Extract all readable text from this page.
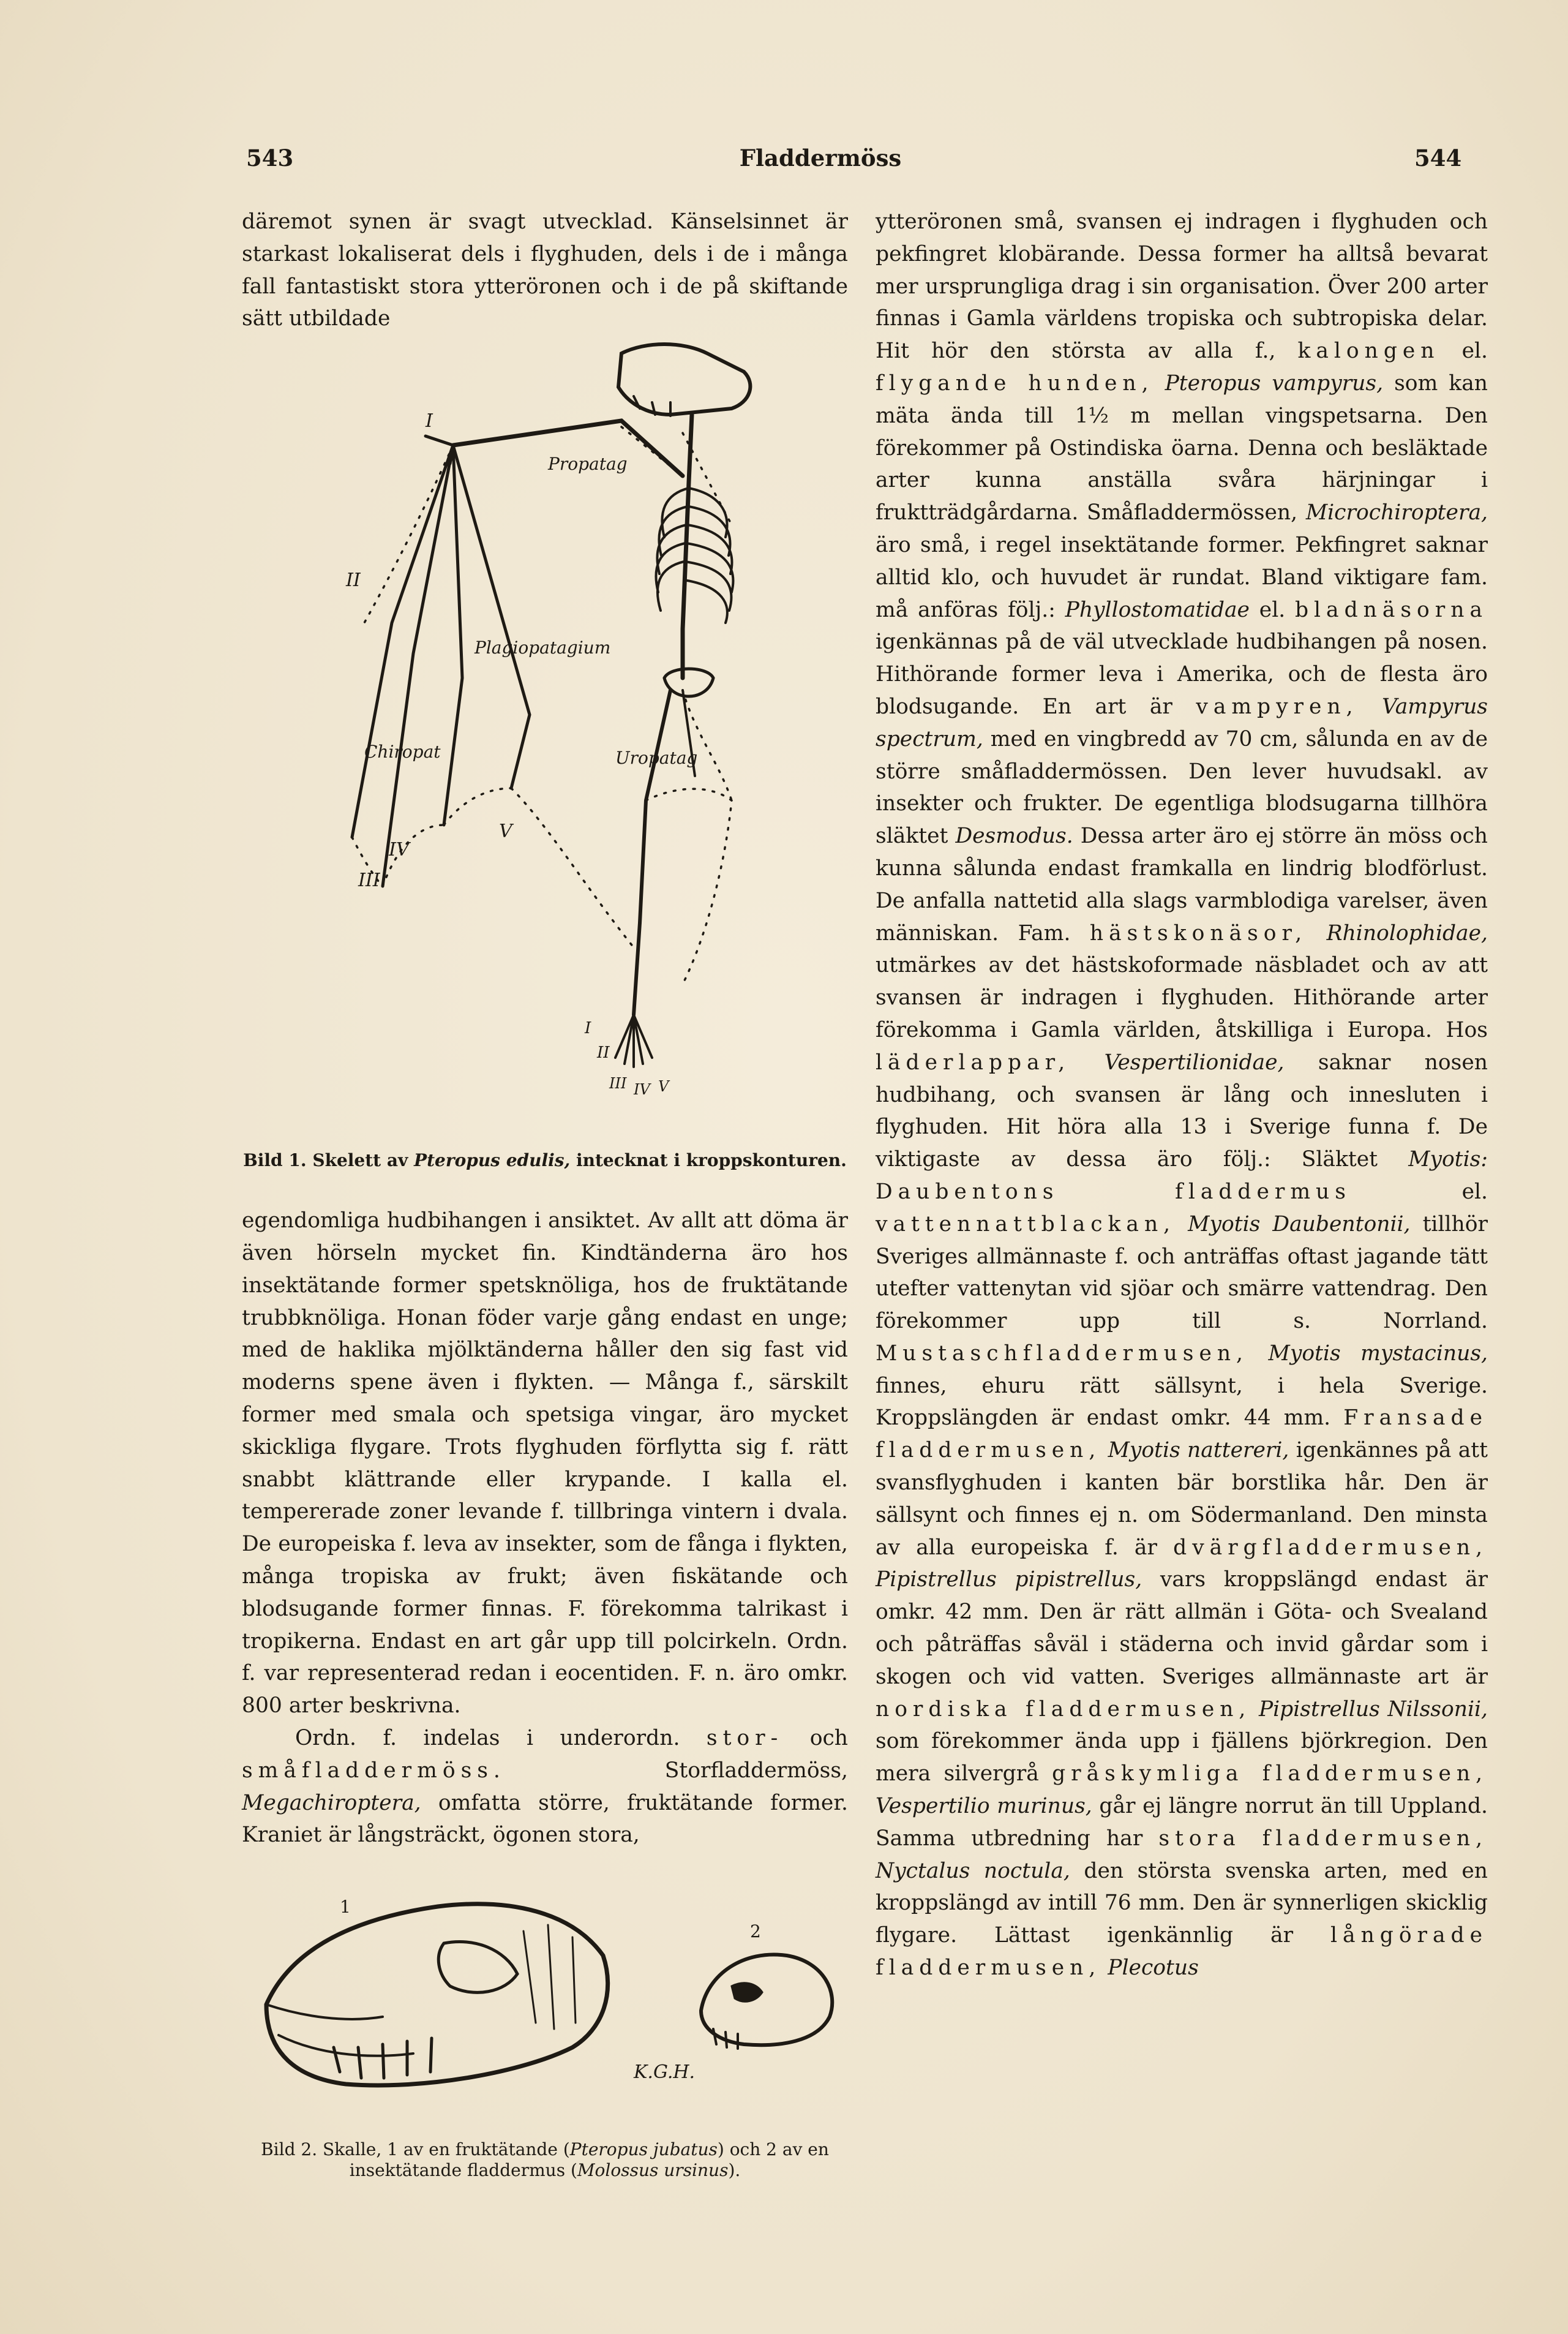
543	Fladdermöss	544

däremot synen är svagt utvecklad. Känselsinnet är starkast lokaliserat dels i flyghuden, dels i de i många fall fantastiskt stora ytteröronen och i de på skiftande sätt utbildade

Propatag
Plagiopatagium
Chiropat	Uropatag
I
II
III
IV
V
I
II
III IV V
Bild 1. Skelett av Pteropus edulis, intecknat i kroppskonturen.

egendomliga hudbihangen i ansiktet. Av allt att döma är även hörseln mycket fin. Kindtänderna äro hos insektätande former spetsknöliga, hos de fruktätande trubbknöliga. Honan föder varje gång endast en unge; med de haklika mjölktänderna håller den sig fast vid moderns spene även i flykten. — Många f., särskilt former med smala och spetsiga vingar, äro mycket skickliga flygare. Trots flyghuden förflytta sig f. rätt snabbt klättrande eller krypande. I kalla el. tempererade zoner levande f. tillbringa vintern i dvala. De europeiska f. leva av insekter, som de fånga i flykten, många tropiska av frukt; även fiskätande och blodsugande former finnas. F. förekomma talrikast i tropikerna. Endast en art går upp till polcirkeln. Ordn. f. var representerad redan i eocentiden. F. n. äro omkr. 800 arter beskrivna.

Ordn. f. indelas i underordn. stor- och småfladdermöss.	Storfladdermöss, Megachiroptera, omfatta större, fruktätande former. Kraniet är långsträckt, ögonen stora,

1
2
K.G.H.
Bild 2. Skalle, 1 av en fruktätande (Pteropus jubatus) och 2 av en insektätande fladdermus (Molossus ursinus).

ytteröronen små, svansen ej indragen i flyghuden och pekfingret klobärande. Dessa former ha alltså bevarat mer ursprungliga drag i sin organisation. Över 200 arter finnas i Gamla världens tropiska och subtropiska delar. Hit hör den största av alla f., kalongen el. flygande hunden, Pteropus vampyrus, som kan mäta ända till 1½ m mellan vingspetsarna. Den förekommer på Ostindiska öarna. Denna och besläktade arter kunna anställa svåra härjningar i fruktträdgårdarna. Småfladdermössen, Microchiroptera, äro små, i regel insektätande former. Pekfingret saknar alltid klo, och huvudet är rundat. Bland viktigare fam. må anföras följ.: Phyllostomatidae el. bladnäsorna igenkännas på de väl utvecklade hudbihangen på nosen. Hithörande former leva i Amerika, och de flesta äro blodsugande. En art är vampyren, Vampyrus spectrum, med en vingbredd av 70 cm, sålunda en av de större småfladdermössen. Den lever huvudsakl. av insekter och frukter. De egentliga blodsugarna tillhöra släktet Desmodus. Dessa arter äro ej större än möss och kunna sålunda endast framkalla en lindrig blodförlust. De anfalla nattetid alla slags varmblodiga varelser, även människan. Fam. hästskonäsor, Rhinolophidae, utmärkes av det hästskoformade näsbladet och av att svansen är indragen i flyghuden. Hithörande arter förekomma i Gamla världen, åtskilliga i Europa. Hos läderlappar, Vespertilionidae, saknar nosen hudbihang, och svansen är lång och innesluten i flyghuden. Hit höra alla 13 i Sverige funna f. De viktigaste av dessa äro följ.: Släktet Myotis: Daubentons fladdermus	el. vattennattblackan, Myotis Daubentonii, tillhör Sveriges allmännaste f. och anträffas oftast jagande tätt utefter vattenytan vid sjöar och smärre vattendrag. Den förekommer upp till s. Norrland. Mustaschfladdermusen, Myotis mystacinus, finnes, ehuru rätt sällsynt, i hela Sverige. Kroppslängden är endast omkr. 44 mm. Fransade fladdermusen, Myotis nattereri, igenkännes på att svansflyghuden i kanten bär borstlika hår. Den är sällsynt och finnes ej n. om Södermanland. Den minsta av alla europeiska f. är dvärgfladdermusen, Pipistrellus pipistrellus, vars kroppslängd endast är omkr. 42 mm. Den är rätt allmän i Göta- och Svealand och påträffas såväl i städerna och invid gårdar som i skogen och vid vatten. Sveriges allmännaste art är nordiska fladdermusen, Pipistrellus Nilssonii, som förekommer ända upp i fjällens björkregion. Den mera silvergrå gråskymliga fladdermusen, Vespertilio murinus, går ej längre norrut än till Uppland. Samma utbredning har stora fladdermusen, Nyctalus noctula, den största svenska arten, med en kroppslängd av intill 76 mm. Den är synnerligen skicklig flygare. Lättast igenkännlig är långörade fladdermusen, Plecotus
